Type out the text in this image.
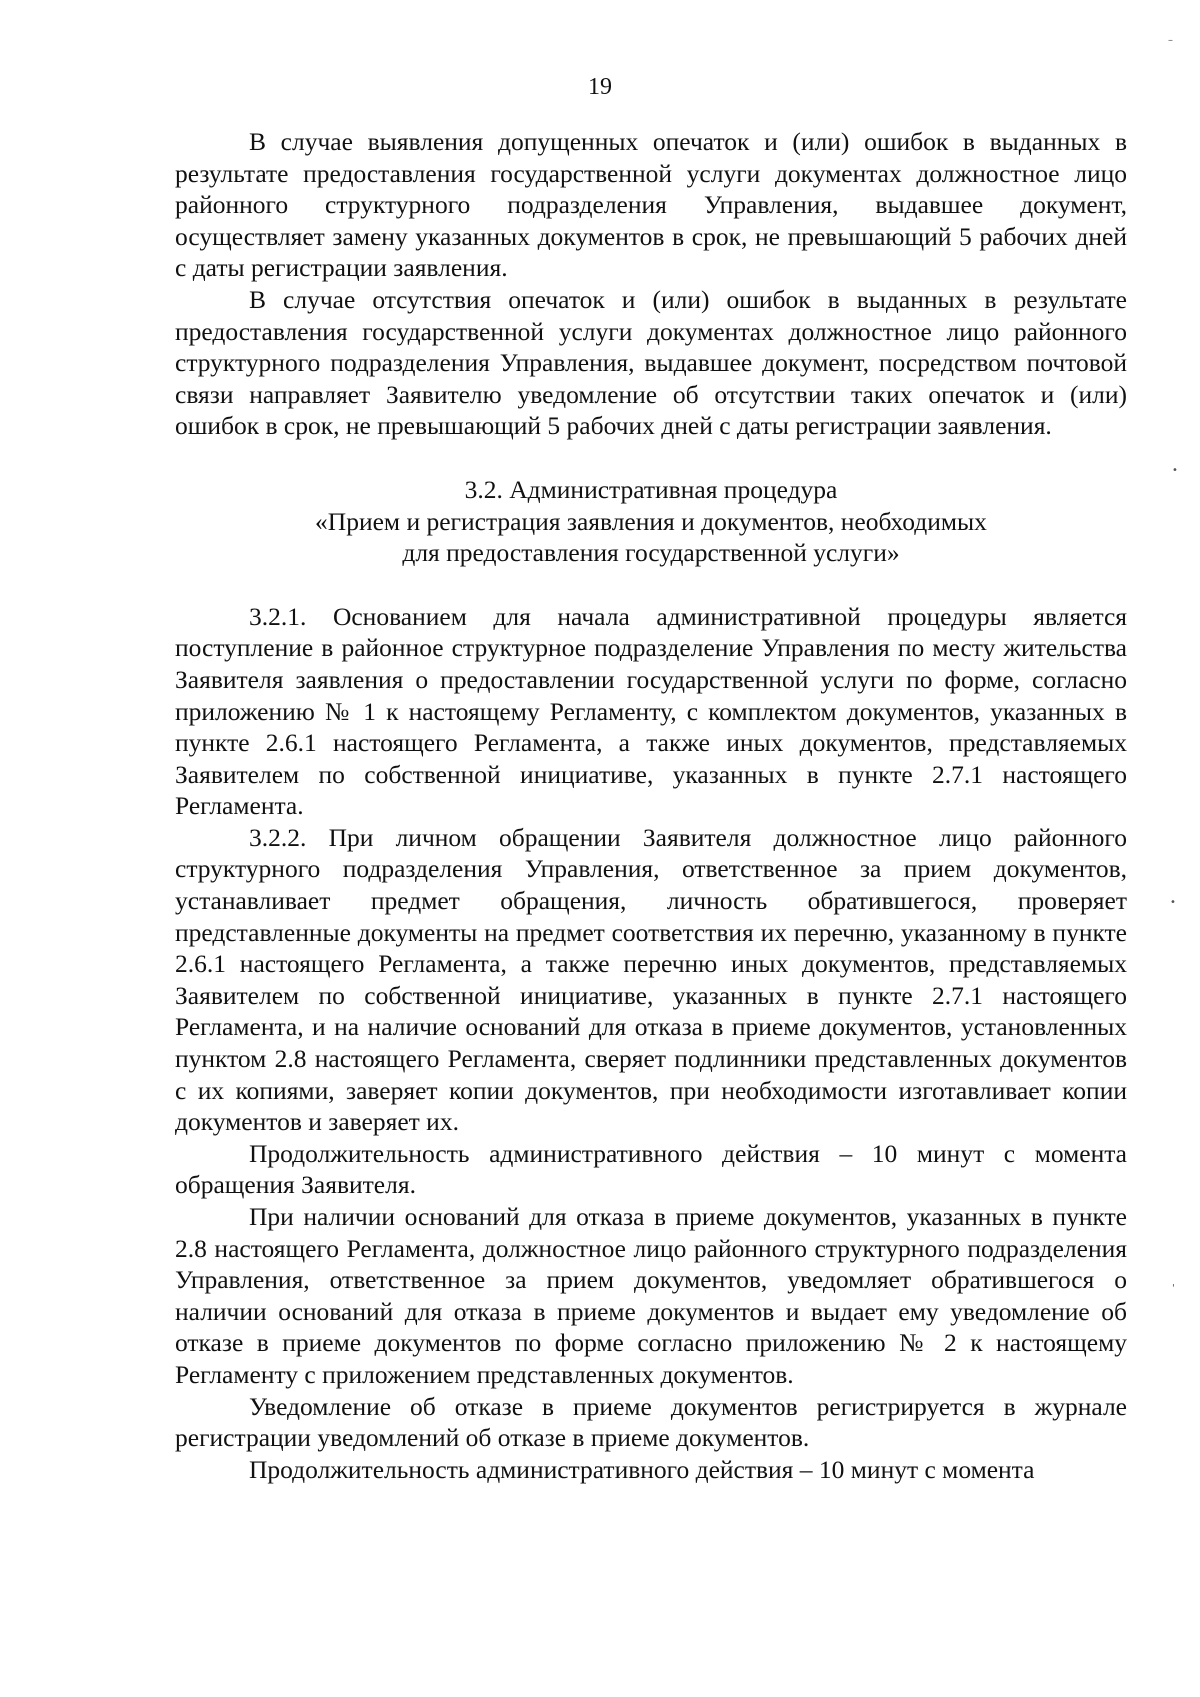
19

В случае выявления допущенных опечаток и (или) ошибок в выданных в результате предоставления государственной услуги документах должностное лицо районного структурного подразделения Управления, выдавшее документ, осуществляет замену указанных документов в срок, не превышающий 5 рабочих дней с даты регистрации заявления.

В случае отсутствия опечаток и (или) ошибок в выданных в результате предоставления государственной услуги документах должностное лицо районного структурного подразделения Управления, выдавшее документ, посредством почтовой связи направляет Заявителю уведомление об отсутствии таких опечаток и (или) ошибок в срок, не превышающий 5 рабочих дней с даты регистрации заявления.

3.2. Административная процедура
«Прием и регистрация заявления и документов, необходимых
для предоставления государственной услуги»

3.2.1. Основанием для начала административной процедуры является поступление в районное структурное подразделение Управления по месту жительства Заявителя заявления о предоставлении государственной услуги по форме, согласно приложению № 1 к настоящему Регламенту, с комплектом документов, указанных в пункте 2.6.1 настоящего Регламента, а также иных документов, представляемых Заявителем по собственной инициативе, указанных в пункте 2.7.1 настоящего Регламента.

3.2.2. При личном обращении Заявителя должностное лицо районного структурного подразделения Управления, ответственное за прием документов, устанавливает предмет обращения, личность обратившегося, проверяет представленные документы на предмет соответствия их перечню, указанному в пункте 2.6.1 настоящего Регламента, а также перечню иных документов, представляемых Заявителем по собственной инициативе, указанных в пункте 2.7.1 настоящего Регламента, и на наличие оснований для отказа в приеме документов, установленных пунктом 2.8 настоящего Регламента, сверяет подлинники представленных документов с их копиями, заверяет копии документов, при необходимости изготавливает копии документов и заверяет их.

Продолжительность административного действия – 10 минут с момента обращения Заявителя.

При наличии оснований для отказа в приеме документов, указанных в пункте 2.8 настоящего Регламента, должностное лицо районного структурного подразделения Управления, ответственное за прием документов, уведомляет обратившегося о наличии оснований для отказа в приеме документов и выдает ему уведомление об отказе в приеме документов по форме согласно приложению № 2 к настоящему Регламенту с приложением представленных документов.

Уведомление об отказе в приеме документов регистрируется в журнале регистрации уведомлений об отказе в приеме документов.

Продолжительность административного действия – 10 минут с момента

–
•
•
'
